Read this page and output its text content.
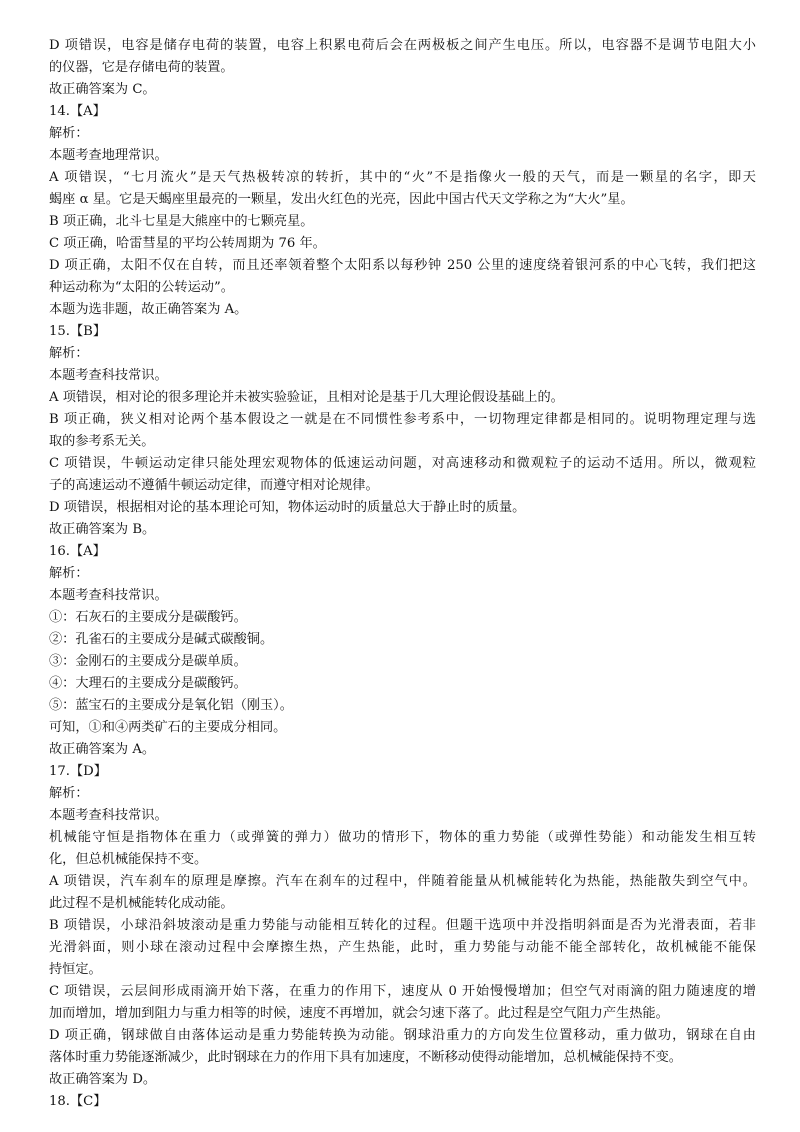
D 项错误，电容是储存电荷的装置，电容上积累电荷后会在两极板之间产生电压。所以，电容器不是调节电阻大小
的仪器，它是存储电荷的装置。
故正确答案为 C。
14.【A】
解析：
本题考查地理常识。
A 项错误，“七月流火”是天气热极转凉的转折，其中的“火”不是指像火一般的天气，而是一颗星的名字，即天
蝎座 α 星。它是天蝎座里最亮的一颗星，发出火红色的光亮，因此中国古代天文学称之为“大火”星。
B 项正确，北斗七星是大熊座中的七颗亮星。
C 项正确，哈雷彗星的平均公转周期为 76 年。
D 项正确，太阳不仅在自转，而且还率领着整个太阳系以每秒钟 250 公里的速度绕着银河系的中心飞转，我们把这
种运动称为“太阳的公转运动”。
本题为选非题，故正确答案为 A。
15.【B】
解析：
本题考查科技常识。
A 项错误，相对论的很多理论并未被实验验证，且相对论是基于几大理论假设基础上的。
B 项正确，狭义相对论两个基本假设之一就是在不同惯性参考系中，一切物理定律都是相同的。说明物理定理与选
取的参考系无关。
C 项错误，牛顿运动定律只能处理宏观物体的低速运动问题，对高速移动和微观粒子的运动不适用。所以，微观粒
子的高速运动不遵循牛顿运动定律，而遵守相对论规律。
D 项错误，根据相对论的基本理论可知，物体运动时的质量总大于静止时的质量。
故正确答案为 B。
16.【A】
解析：
本题考查科技常识。
①：石灰石的主要成分是碳酸钙。
②：孔雀石的主要成分是碱式碳酸铜。
③：金刚石的主要成分是碳单质。
④：大理石的主要成分是碳酸钙。
⑤：蓝宝石的主要成分是氧化铝（刚玉）。
可知，①和④两类矿石的主要成分相同。
故正确答案为 A。
17.【D】
解析：
本题考查科技常识。
机械能守恒是指物体在重力（或弹簧的弹力）做功的情形下，物体的重力势能（或弹性势能）和动能发生相互转
化，但总机械能保持不变。
A 项错误，汽车刹车的原理是摩擦。汽车在刹车的过程中，伴随着能量从机械能转化为热能，热能散失到空气中。
此过程不是机械能转化成动能。
B 项错误，小球沿斜坡滚动是重力势能与动能相互转化的过程。但题干选项中并没指明斜面是否为光滑表面，若非
光滑斜面，则小球在滚动过程中会摩擦生热，产生热能，此时，重力势能与动能不能全部转化，故机械能不能保
持恒定。
C 项错误，云层间形成雨滴开始下落，在重力的作用下，速度从 0 开始慢慢增加；但空气对雨滴的阻力随速度的增
加而增加，增加到阻力与重力相等的时候，速度不再增加，就会匀速下落了。此过程是空气阻力产生热能。
D 项正确，钢球做自由落体运动是重力势能转换为动能。钢球沿重力的方向发生位置移动，重力做功，钢球在自由
落体时重力势能逐渐减少，此时钢球在力的作用下具有加速度，不断移动使得动能增加，总机械能保持不变。
故正确答案为 D。
18.【C】
